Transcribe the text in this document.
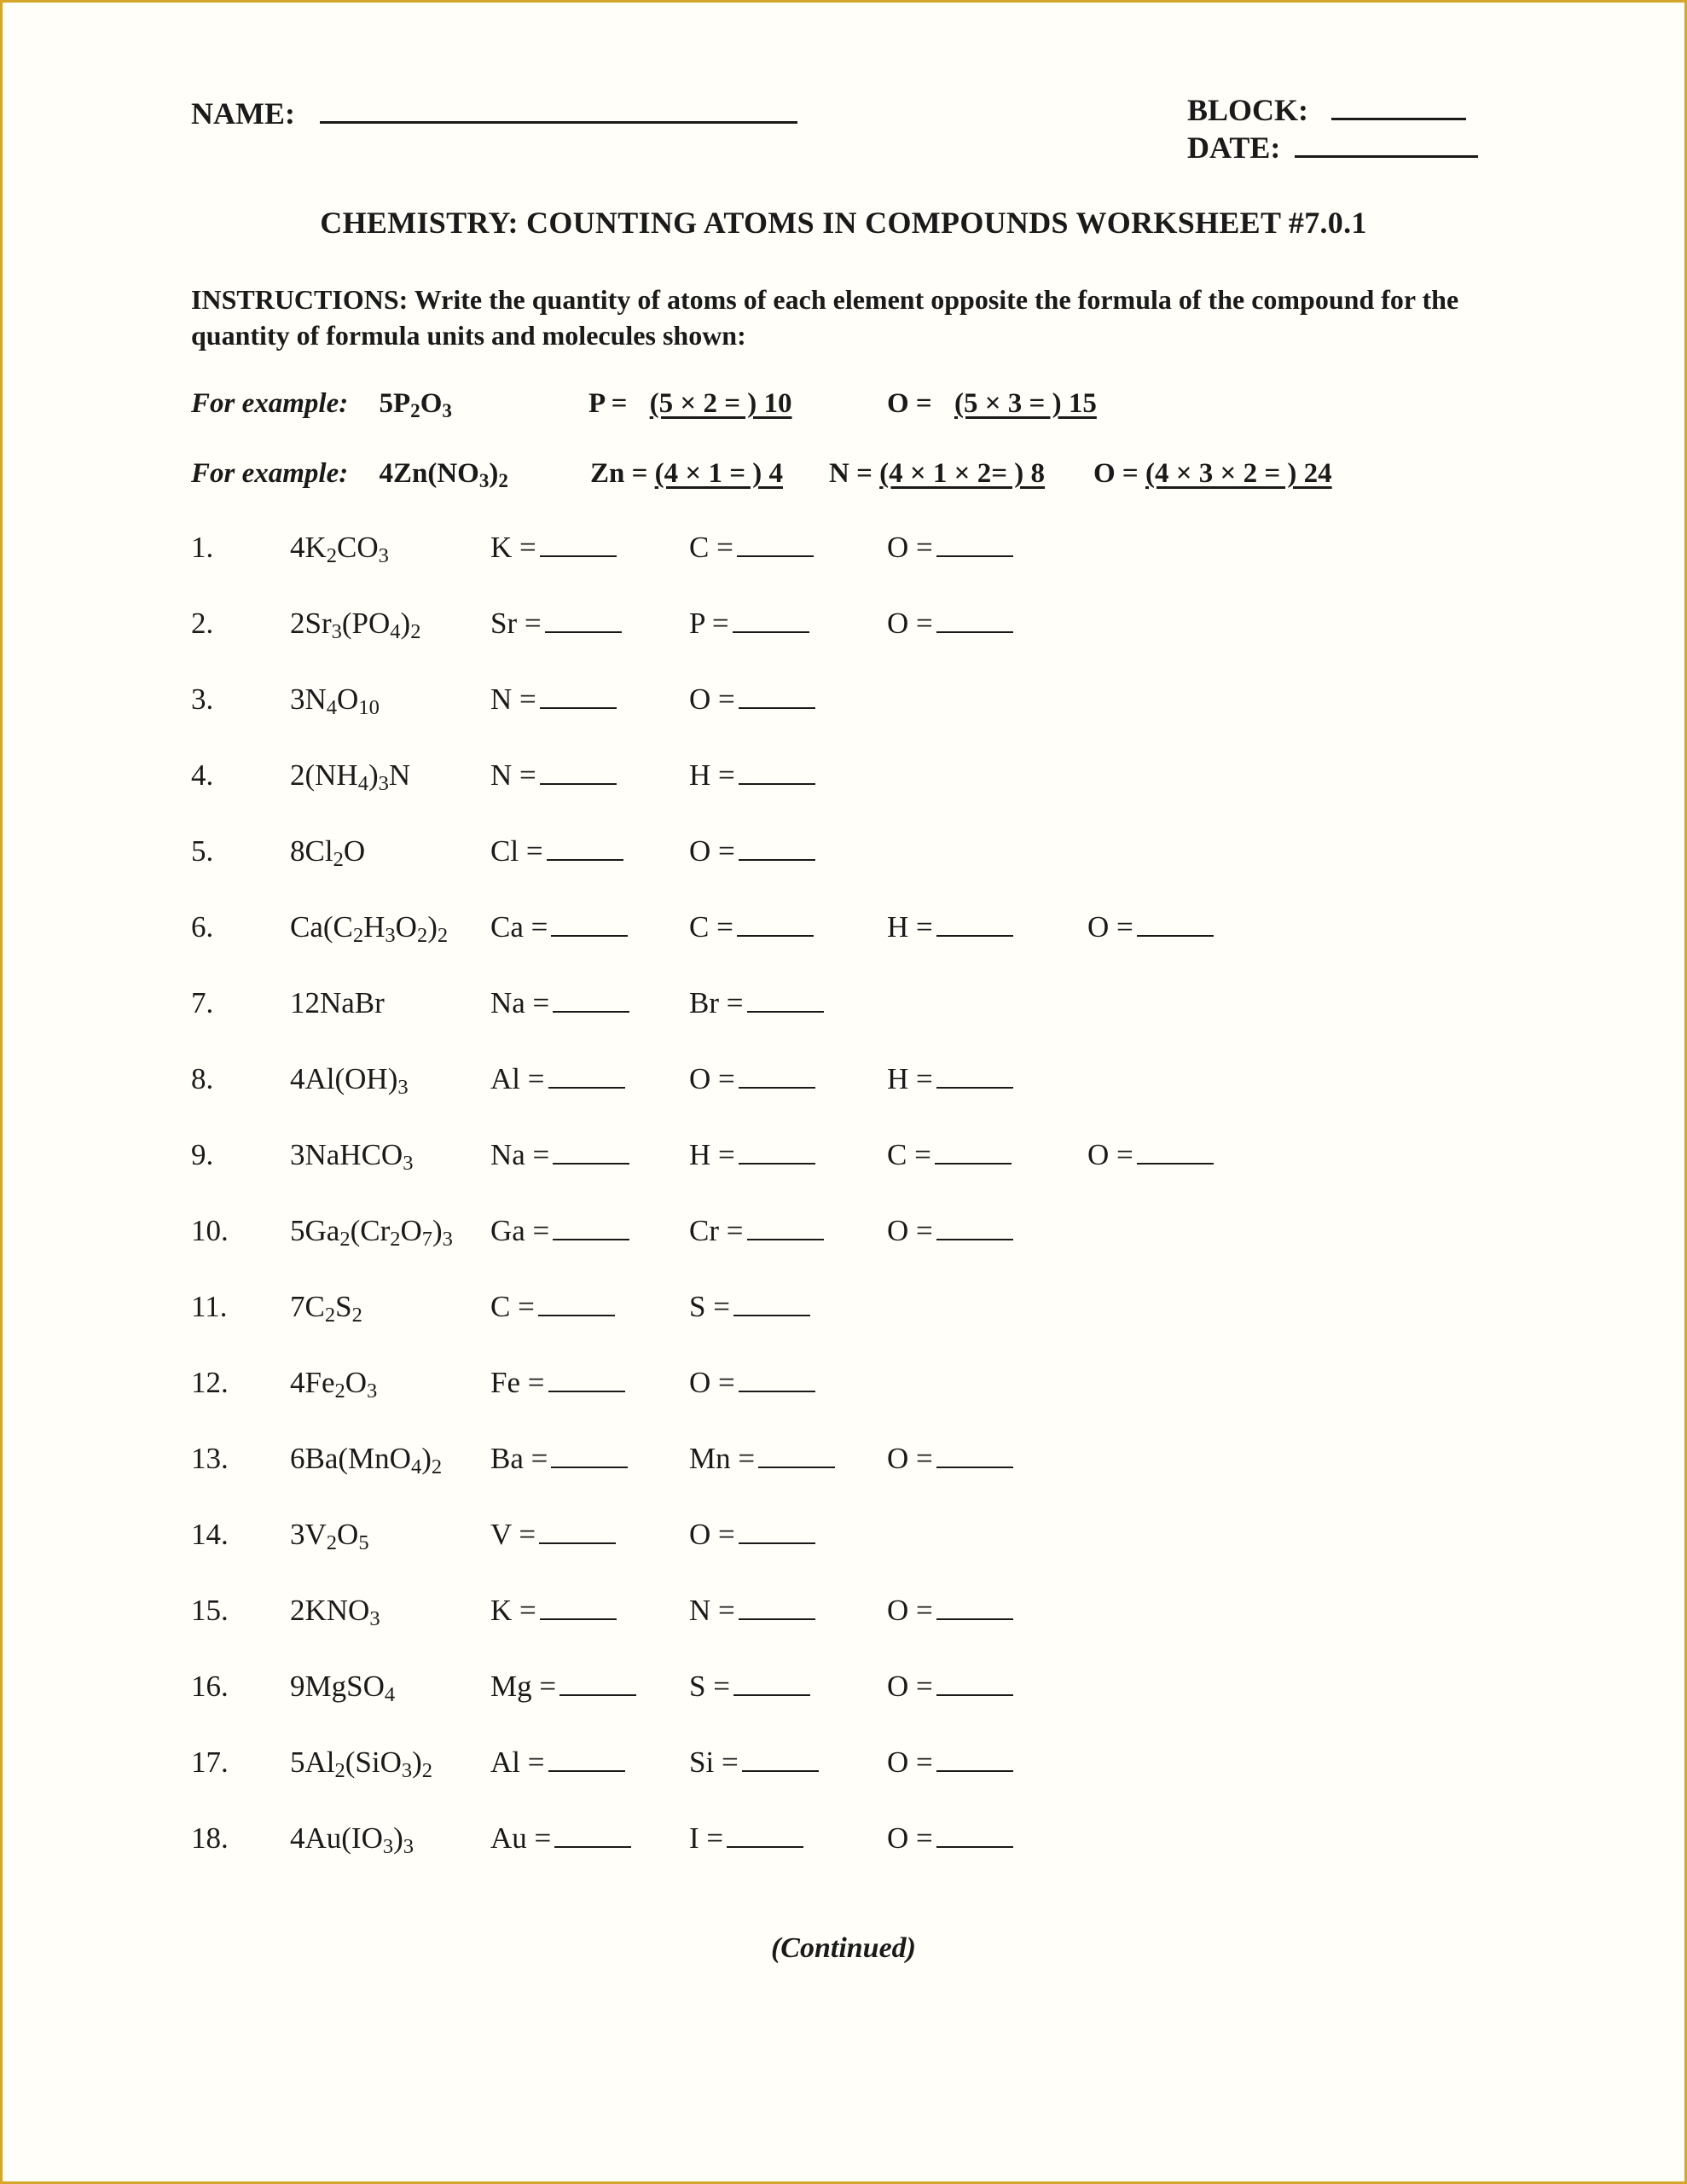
NAME:	BLOCK:
DATE:
CHEMISTRY: COUNTING ATOMS IN COMPOUNDS WORKSHEET #7.0.1
INSTRUCTIONS: Write the quantity of atoms of each element opposite the formula of the compound for the quantity of formula units and molecules shown:
For example: $5P_2O_3$	P = (5 × 2 = ) 10	O = (5 × 3 = ) 15
For example: $4Zn(NO_3)_2$	Zn = (4 × 1 = ) 4 N = (4 × 1 × 2= ) 8 O = (4 × 3 × 2 = ) 24
1.	$4K_2CO_3$	K =	C =	O =
2.	$2Sr_3(PO_4)_2$ Sr =	P =	O =
3.	$3N_4O_{10}$	N =	O =
4.	$2(NH_4)_3N$	N =	H =
5.	$8Cl_2O$	Cl =	O =
6.	$Ca(C_2H_3O_2)_2$ Ca =	C =	H =	O =
7.	12NaBr	Na =	Br =
8.	$4Al(OH)_3$	Al =	O =	H =
9.	3NaHCO$_3$	Na =	H =	C =	O =
10. $5Ga_2(Cr_2O_7)_3$ Ga =	Cr =	O =
11. $7C_2S_2$	C =	S =
12. $4Fe_2O_3$	Fe =	O =
13. $6Ba(MnO_4)_2$ Ba =	Mn =	O =
14. $3V_2O_5$	V =	O =
15. $2KNO_3$	K =	N =	O =
16. 9MgSO$_4$	Mg =	S =	O =
17. $5Al_2(SiO_3)_2$ Al =	Si =	O =
18. $4Au(IO_3)_3$	Au =	I =	O =
(Continued)
